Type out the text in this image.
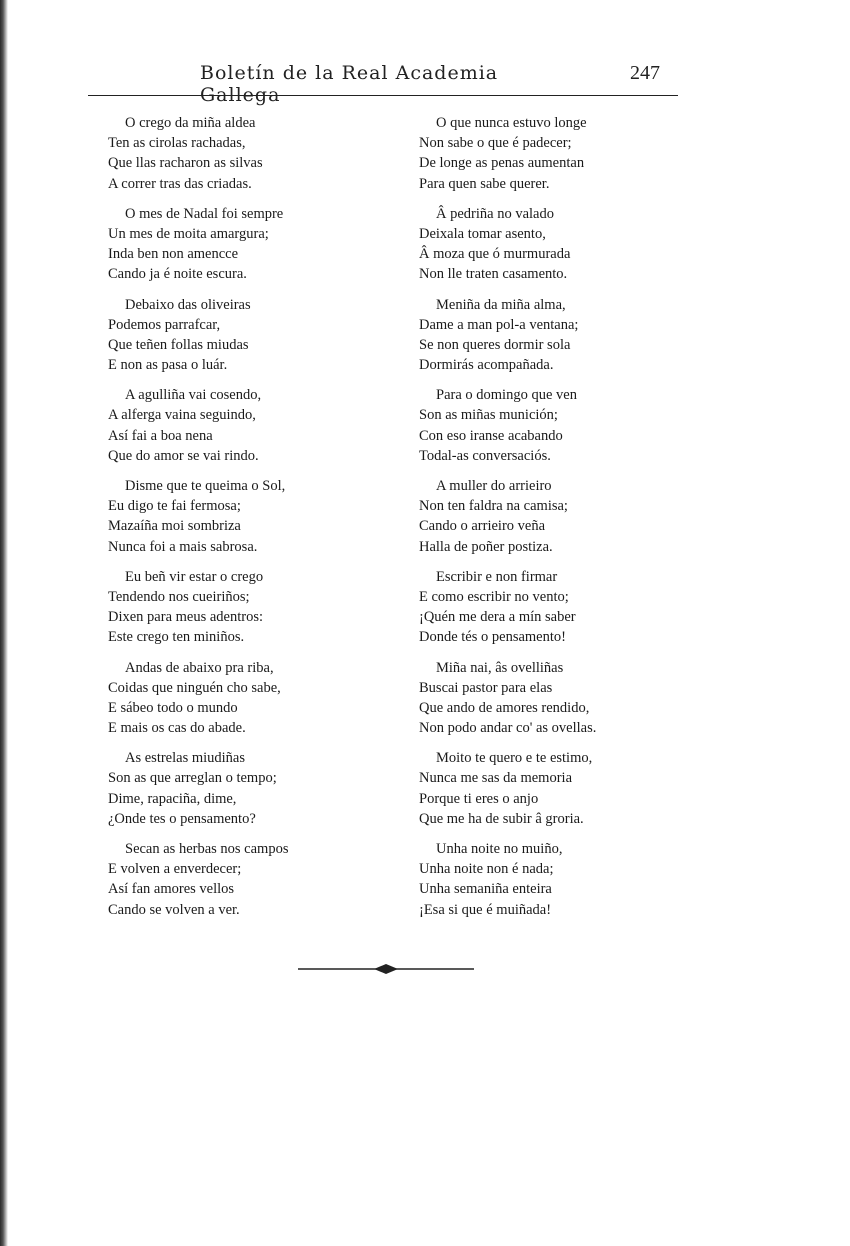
Boletín de la Real Academia Gallega
247
O crego da miña aldea
Ten as cirolas rachadas,
Que llas racharon as silvas
A correr tras das criadas.
O mes de Nadal foi sempre
Un mes de moita amargura;
Inda ben non amencce
Cando ja é noite escura.
Debaixo das oliveiras
Podemos parrafcar,
Que teñen follas miudas
E non as pasa o luár.
A agulliña vai cosendo,
A alferga vaina seguindo,
Así fai a boa nena
Que do amor se vai rindo.
Disme que te queima o Sol,
Eu digo te fai fermosa;
Mazaíña moi sombriza
Nunca foi a mais sabrosa.
Eu beñ vir estar o crego
Tendendo nos cueiriños;
Dixen para meus adentros:
Este crego ten miniños.
Andas de abaixo pra riba,
Coidas que ninguén cho sabe,
E sábeo todo o mundo
E mais os cas do abade.
As estrelas miudiñas
Son as que arreglan o tempo;
Dime, rapaciña, dime,
¿Onde tes o pensamento?
Secan as herbas nos campos
E volven a enverdecer;
Así fan amores vellos
Cando se volven a ver.
O que nunca estuvo longe
Non sabe o que é padecer;
De longe as penas aumentan
Para quen sabe querer.
Â pedriña no valado
Deixala tomar asento,
Â moza que ó murmurada
Non lle traten casamento.
Meniña da miña alma,
Dame a man pol-a ventana;
Se non queres dormir sola
Dormirás acompañada.
Para o domingo que ven
Son as miñas munición;
Con eso iranse acabando
Todal-as conversaciós.
A muller do arrieiro
Non ten faldra na camisa;
Cando o arrieiro veña
Halla de poñer postiza.
Escribir e non firmar
E como escribir no vento;
¡Quén me dera a mín saber
Donde tés o pensamento!
Miña nai, âs ovelliñas
Buscai pastor para elas
Que ando de amores rendido,
Non podo andar co' as ovellas.
Moito te quero e te estimo,
Nunca me sas da memoria
Porque ti eres o anjo
Que me ha de subir â groria.
Unha noite no muiño,
Unha noite non é nada;
Unha semaniña enteira
¡Esa si que é muiñada!
